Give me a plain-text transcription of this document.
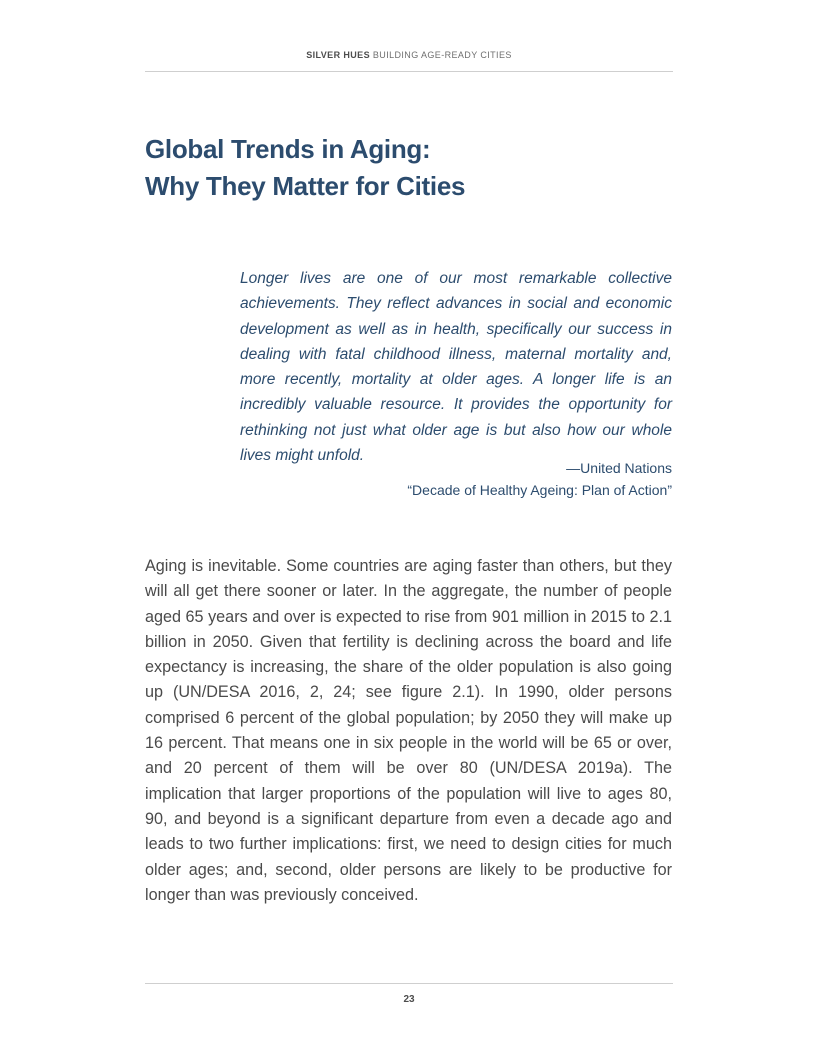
SILVER HUES BUILDING AGE-READY CITIES
Global Trends in Aging:
Why They Matter for Cities

Longer lives are one of our most remarkable collective achievements. They reflect advances in social and economic development as well as in health, specifically our success in dealing with fatal childhood illness, maternal mortality and, more recently, mortality at older ages. A longer life is an incredibly valuable resource. It provides the opportunity for rethinking not just what older age is but also how our whole lives might unfold.

—United Nations
“Decade of Healthy Ageing: Plan of Action”

Aging is inevitable. Some countries are aging faster than others, but they will all get there sooner or later. In the aggregate, the number of people aged 65 years and over is expected to rise from 901 million in 2015 to 2.1 billion in 2050. Given that fertility is declining across the board and life expectancy is increasing, the share of the older population is also going up (UN/DESA 2016, 2, 24; see figure 2.1). In 1990, older persons comprised 6 percent of the global population; by 2050 they will make up 16 percent. That means one in six people in the world will be 65 or over, and 20 percent of them will be over 80 (UN/DESA 2019a). The implication that larger proportions of the population will live to ages 80, 90, and beyond is a significant departure from even a decade ago and leads to two further implications: first, we need to design cities for much older ages; and, second, older persons are likely to be productive for longer than was previously conceived.

23
